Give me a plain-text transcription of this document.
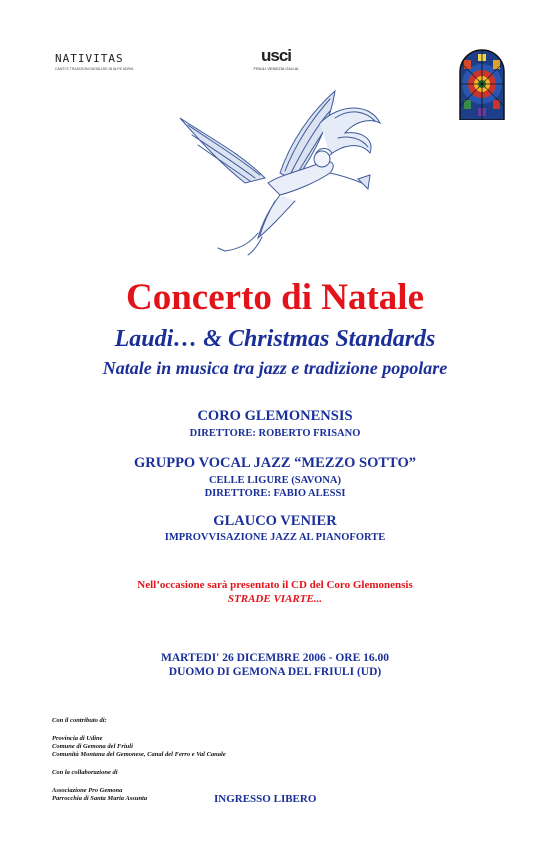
NATIVITAS
CANTI E TRADIZIONI NATALIZIE IN ALPE ADRIA
usci
FRIULI VENEZIA GIULIA
Concerto di Natale
Laudi… & Christmas Standards
Natale in musica tra jazz e tradizione popolare
CORO GLEMONENSIS
DIRETTORE: ROBERTO FRISANO
GRUPPO VOCAL JAZZ “MEZZO SOTTO”
CELLE LIGURE (SAVONA)
DIRETTORE: FABIO ALESSI
GLAUCO VENIER
IMPROVVISAZIONE JAZZ AL PIANOFORTE
Nell’occasione sarà presentato il CD del Coro Glemonensis
STRADE VIARTE...
MARTEDI' 26 DICEMBRE 2006 - ORE 16.00
DUOMO DI GEMONA DEL FRIULI (UD)
Con il contributo di:
Provincia di Udine
Comune di Gemona del Friuli
Comunità Montana del Gemonese, Canal del Ferro e Val Canale
Con la collaborazione di
Associazione Pro Gemona
Parrocchia di Santa Maria Assunta	INGRESSO LIBERO
